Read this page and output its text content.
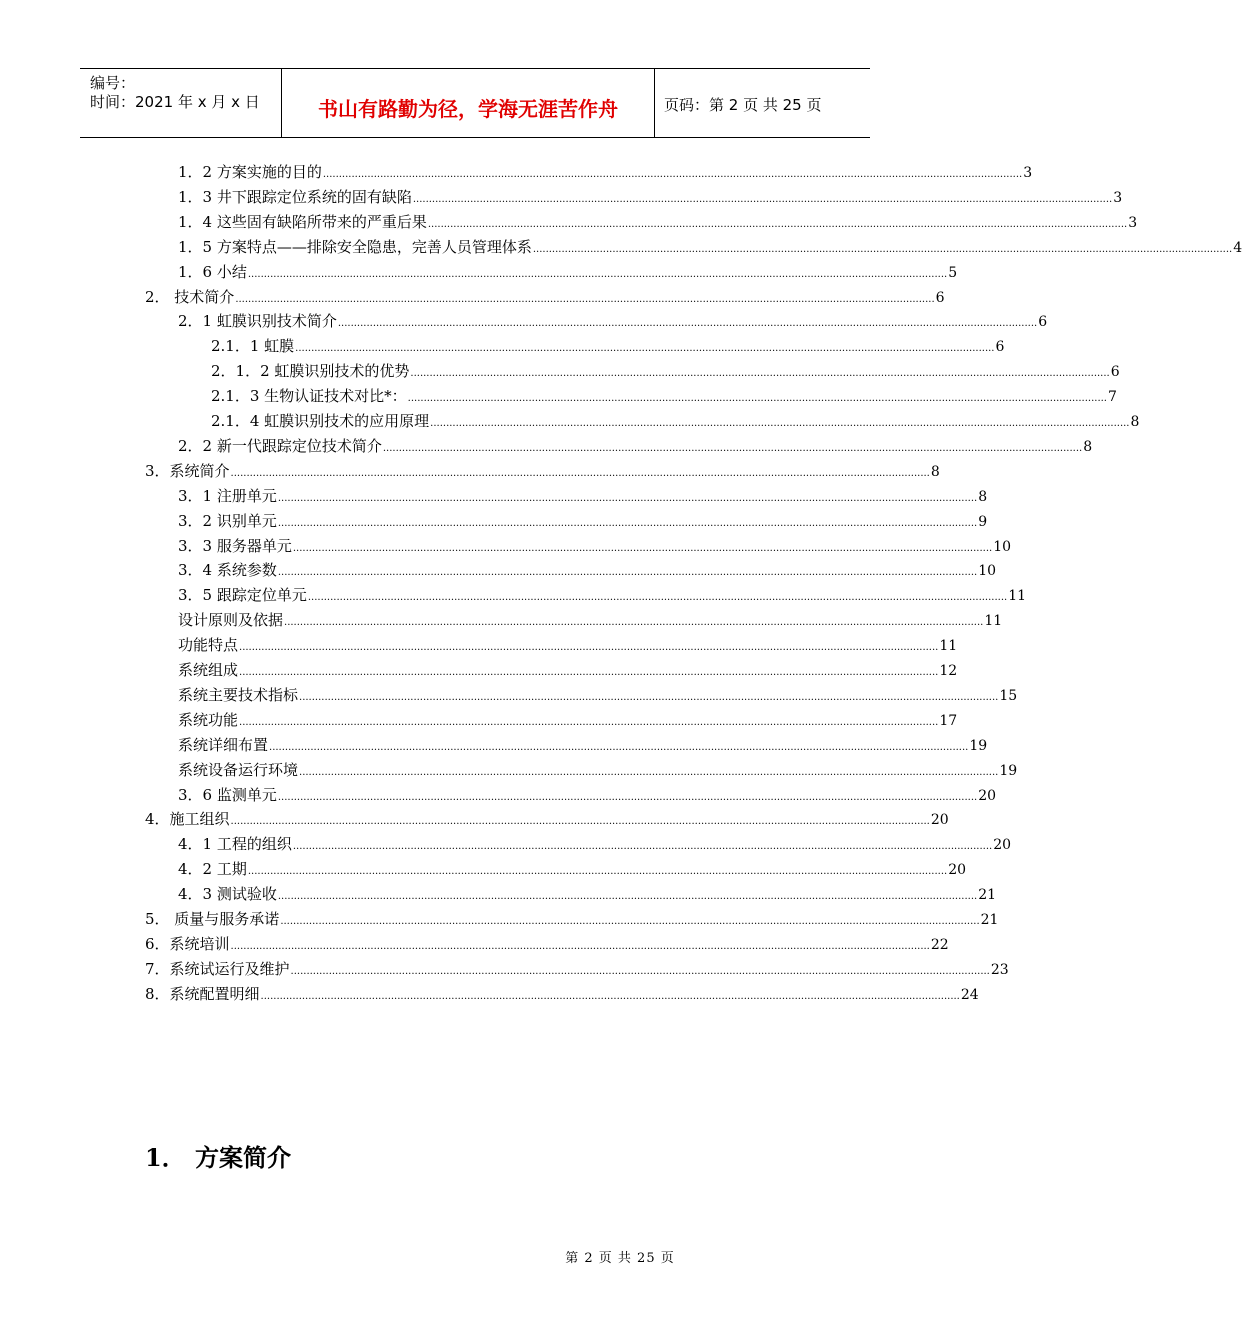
编号：
时间：2021 年 x 月 x 日	书山有路勤为径，学海无涯苦作舟	页码：第 2 页 共 25 页
1．2 方案实施的目的 ............................................................................................................................................................................................................................ 3
1．3 井下跟踪定位系统的固有缺陷 ............................................................................................................................................................................................................................ 3
1．4 这些固有缺陷所带来的严重后果 ............................................................................................................................................................................................................................ 3
1．5 方案特点——排除安全隐患，完善人员管理体系 ............................................................................................................................................................................................................................ 4
1．6 小结 ............................................................................................................................................................................................................................ 5
2． 技术简介 ............................................................................................................................................................................................................................ 6
2．1 虹膜识别技术简介 ............................................................................................................................................................................................................................ 6
2.1．1 虹膜 ............................................................................................................................................................................................................................ 6
2．1．2 虹膜识别技术的优势 ............................................................................................................................................................................................................................ 6
2.1．3 生物认证技术对比*： ............................................................................................................................................................................................................................ 7
2.1．4 虹膜识别技术的应用原理 ............................................................................................................................................................................................................................ 8
2．2 新一代跟踪定位技术简介 ............................................................................................................................................................................................................................ 8
3．系统简介 ............................................................................................................................................................................................................................ 8
3．1 注册单元 ............................................................................................................................................................................................................................ 8
3．2 识别单元 ............................................................................................................................................................................................................................ 9
3．3 服务器单元 ............................................................................................................................................................................................................................ 10
3．4 系统参数 ............................................................................................................................................................................................................................ 10
3．5 跟踪定位单元 ............................................................................................................................................................................................................................ 11
设计原则及依据 ............................................................................................................................................................................................................................ 11
功能特点 ............................................................................................................................................................................................................................ 11
系统组成 ............................................................................................................................................................................................................................ 12
系统主要技术指标 ............................................................................................................................................................................................................................ 15
系统功能 ............................................................................................................................................................................................................................ 17
系统详细布置 ............................................................................................................................................................................................................................ 19
系统设备运行环境 ............................................................................................................................................................................................................................ 19
3．6 监测单元 ............................................................................................................................................................................................................................ 20
4．施工组织 ............................................................................................................................................................................................................................ 20
4．1 工程的组织 ............................................................................................................................................................................................................................ 20
4．2 工期 ............................................................................................................................................................................................................................ 20
4．3 测试验收 ............................................................................................................................................................................................................................ 21
5． 质量与服务承诺 ............................................................................................................................................................................................................................ 21
6．系统培训 ............................................................................................................................................................................................................................ 22
7．系统试运行及维护 ............................................................................................................................................................................................................................ 23
8．系统配置明细 ............................................................................................................................................................................................................................ 24
1． 方案简介
第 2 页 共 25 页
